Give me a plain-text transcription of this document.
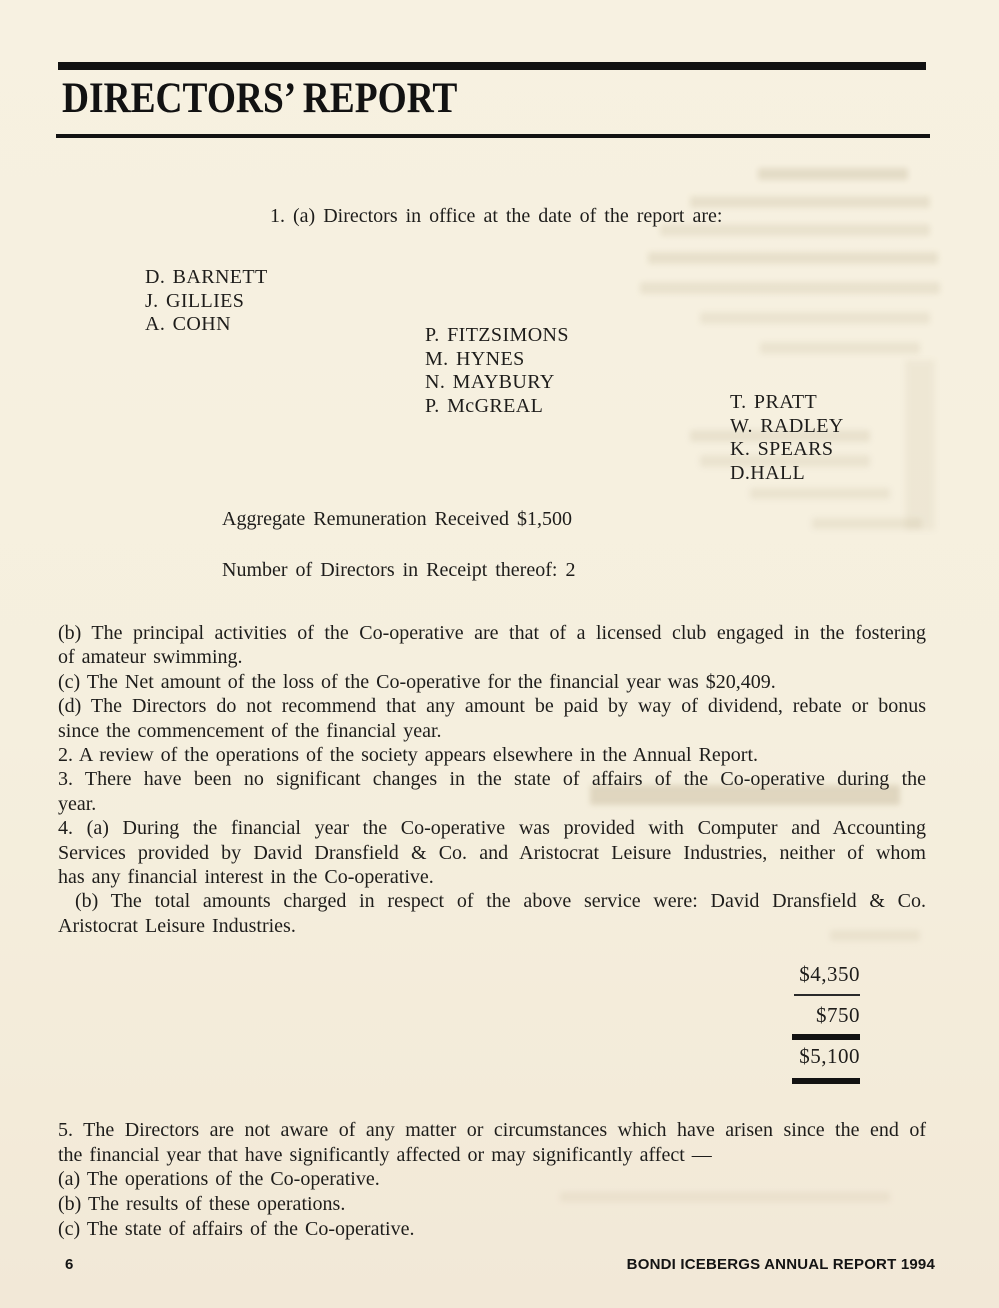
DIRECTORS’ REPORT
1. (a) Directors in office at the date of the report are:
D. BARNETT
J. GILLIES
A. COHN	P. FITZSIMONS
M. HYNES
N. MAYBURY
P. McGREAL	T. PRATT
W. RADLEY
K. SPEARS
D.HALL
Aggregate Remuneration Received $1,500
Number of Directors in Receipt thereof: 2
(b) The principal activities of the Co-operative are that of a licensed club engaged in the fostering
of amateur swimming.
(c) The Net amount of the loss of the Co-operative for the financial year was $20,409.
(d) The Directors do not recommend that any amount be paid by way of dividend, rebate or bonus
since the commencement of the financial year.
2. A review of the operations of the society appears elsewhere in the Annual Report.
3. There have been no significant changes in the state of affairs of the Co-operative during the
year.
4. (a) During the financial year the Co-operative was provided with Computer and Accounting
Services provided by David Dransfield & Co. and Aristocrat Leisure Industries, neither of whom
has any financial interest in the Co-operative.
(b) The total amounts charged in respect of the above service were: David Dransfield & Co.
Aristocrat Leisure Industries.
$4,350
$750
$5,100
5. The Directors are not aware of any matter or circumstances which have arisen since the end of
the financial year that have significantly affected or may significantly affect —
(a) The operations of the Co-operative.
(b) The results of these operations.
(c) The state of affairs of the Co-operative.
6	BONDI ICEBERGS ANNUAL REPORT 1994
